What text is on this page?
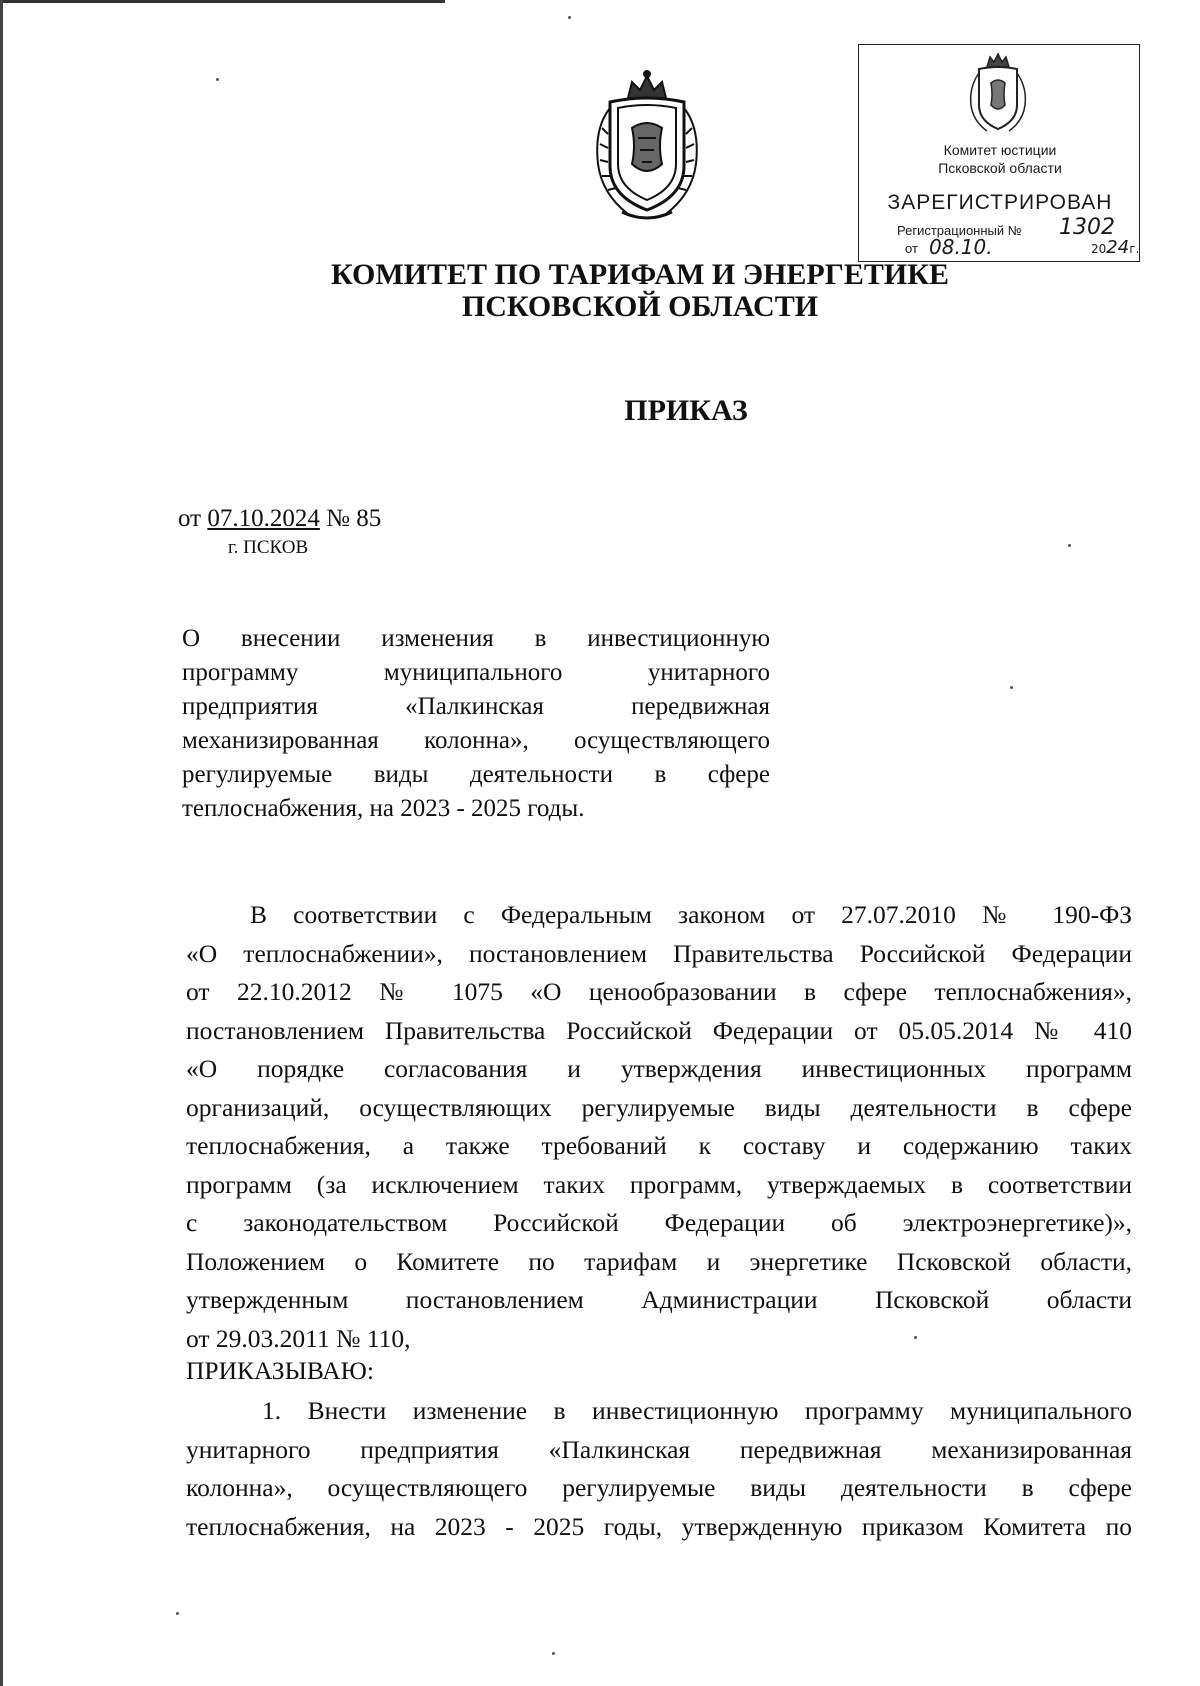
Комитет юстиции
Псковской области
ЗАРЕГИСТРИРОВАН
Регистрационный № 1302
от 08.10.	2024г.
КОМИТЕТ ПО ТАРИФАМ И ЭНЕРГЕТИКЕ
ПСКОВСКОЙ ОБЛАСТИ
ПРИКАЗ
от 07.10.2024 № 85
г. ПСКОВ
О внесении изменения в инвестиционную
программу муниципального унитарного
предприятия «Палкинская передвижная
механизированная колонна», осуществляющего
регулируемые виды деятельности в сфере
теплоснабжения, на 2023 - 2025 годы.
В соответствии с Федеральным законом от 27.07.2010 № 190-ФЗ
«О теплоснабжении», постановлением Правительства Российской Федерации
от 22.10.2012 № 1075 «О ценообразовании в сфере теплоснабжения»,
постановлением Правительства Российской Федерации от 05.05.2014 № 410
«О порядке согласования и утверждения инвестиционных программ
организаций, осуществляющих регулируемые виды деятельности в сфере
теплоснабжения, а также требований к составу и содержанию таких
программ (за исключением таких программ, утверждаемых в соответствии
с законодательством Российской Федерации об электроэнергетике)»,
Положением о Комитете по тарифам и энергетике Псковской области,
утвержденным постановлением Администрации Псковской области
от 29.03.2011 № 110,
ПРИКАЗЫВАЮ:
1. Внести изменение в инвестиционную программу муниципального
унитарного предприятия «Палкинская передвижная механизированная
колонна», осуществляющего регулируемые виды деятельности в сфере
теплоснабжения, на 2023 - 2025 годы, утвержденную приказом Комитета по
